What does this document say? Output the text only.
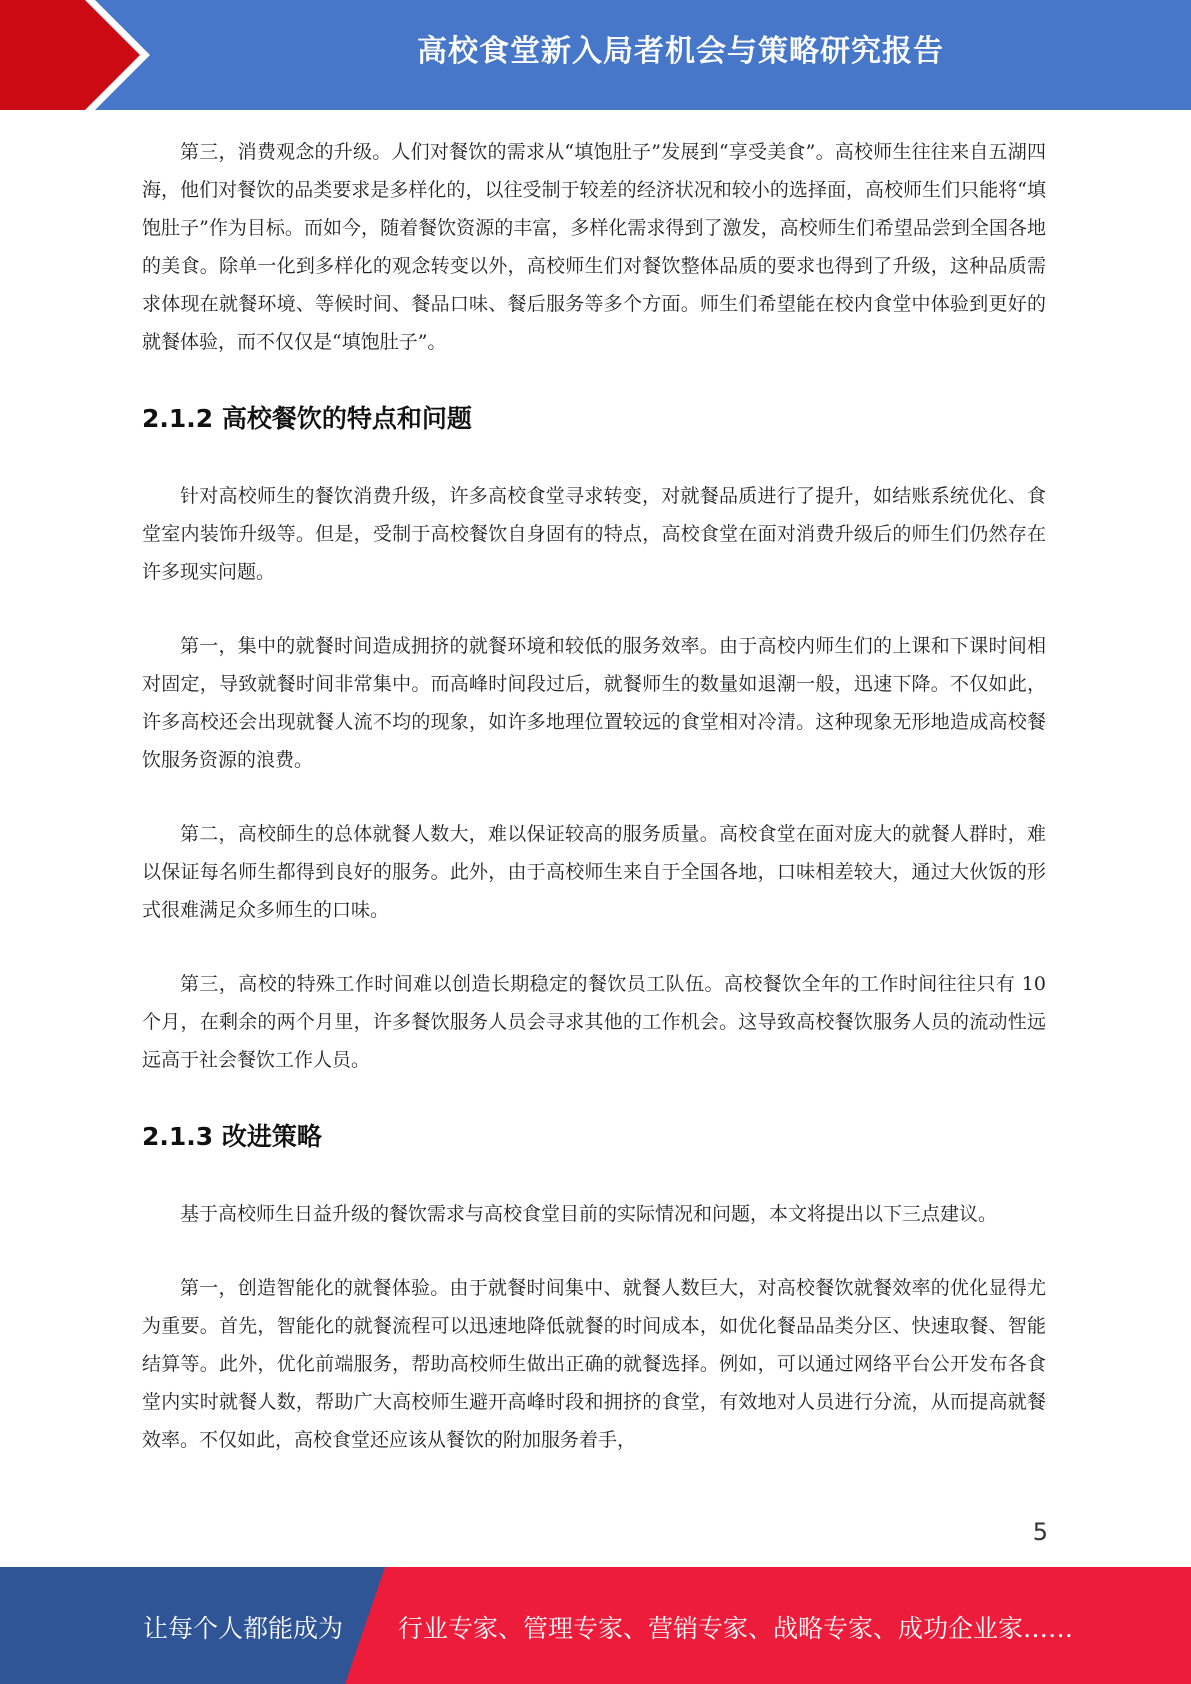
高校食堂新入局者机会与策略研究报告

第三，消费观念的升级。人们对餐饮的需求从“填饱肚子”发展到“享受美食”。高校师生往往来自五湖四海，他们对餐饮的品类要求是多样化的，以往受制于较差的经济状况和较小的选择面，高校师生们只能将“填饱肚子”作为目标。而如今，随着餐饮资源的丰富，多样化需求得到了激发，高校师生们希望品尝到全国各地的美食。除单一化到多样化的观念转变以外，高校师生们对餐饮整体品质的要求也得到了升级，这种品质需求体现在就餐环境、等候时间、餐品口味、餐后服务等多个方面。师生们希望能在校内食堂中体验到更好的就餐体验，而不仅仅是“填饱肚子”。

2.1.2 高校餐饮的特点和问题

针对高校师生的餐饮消费升级，许多高校食堂寻求转变，对就餐品质进行了提升，如结账系统优化、食堂室内装饰升级等。但是，受制于高校餐饮自身固有的特点，高校食堂在面对消费升级后的师生们仍然存在许多现实问题。

第一，集中的就餐时间造成拥挤的就餐环境和较低的服务效率。由于高校内师生们的上课和下课时间相对固定，导致就餐时间非常集中。而高峰时间段过后，就餐师生的数量如退潮一般，迅速下降。不仅如此，许多高校还会出现就餐人流不均的现象，如许多地理位置较远的食堂相对冷清。这种现象无形地造成高校餐饮服务资源的浪费。

第二，高校師生的总体就餐人数大，难以保证较高的服务质量。高校食堂在面对庞大的就餐人群时，难以保证每名师生都得到良好的服务。此外，由于高校师生来自于全国各地，口味相差较大，通过大伙饭的形式很难满足众多师生的口味。

第三，高校的特殊工作时间难以创造长期稳定的餐饮员工队伍。高校餐饮全年的工作时间往往只有 10 个月，在剩余的两个月里，许多餐饮服务人员会寻求其他的工作机会。这导致高校餐饮服务人员的流动性远远高于社会餐饮工作人员。

2.1.3 改进策略

基于高校师生日益升级的餐饮需求与高校食堂目前的实际情况和问题，本文将提出以下三点建议。

第一，创造智能化的就餐体验。由于就餐时间集中、就餐人数巨大，对高校餐饮就餐效率的优化显得尤为重要。首先，智能化的就餐流程可以迅速地降低就餐的时间成本，如优化餐品品类分区、快速取餐、智能结算等。此外，优化前端服务，帮助高校师生做出正确的就餐选择。例如，可以通过网络平台公开发布各食堂内实时就餐人数，帮助广大高校师生避开高峰时段和拥挤的食堂，有效地对人员进行分流，从而提高就餐效率。不仅如此，高校食堂还应该从餐饮的附加服务着手，

5
让每个人都能成为 行业专家、管理专家、营销专家、战略专家、成功企业家……
